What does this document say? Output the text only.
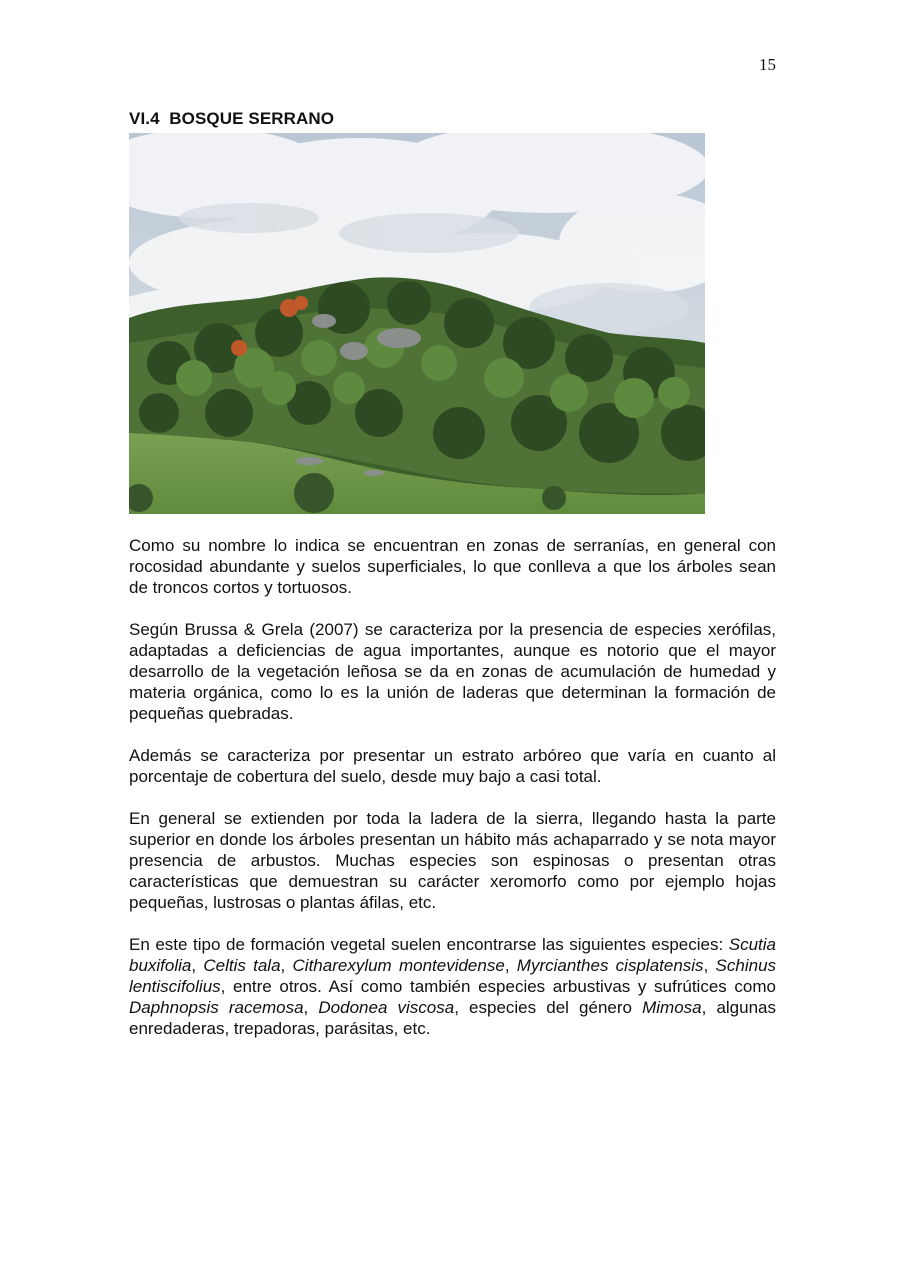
15
VI.4  BOSQUE SERRANO

Como su nombre lo indica se encuentran en zonas de serranías, en general con rocosidad abundante y suelos superficiales, lo que conlleva a que los árboles sean de troncos cortos y tortuosos.

Según Brussa & Grela (2007) se caracteriza por la presencia de especies xerófilas, adaptadas a deficiencias de agua importantes, aunque es notorio que el mayor desarrollo de la vegetación leñosa se da en zonas de acumulación de humedad y materia orgánica, como lo es la unión de laderas que determinan la formación de pequeñas quebradas.

Además se caracteriza por presentar un estrato arbóreo que varía en cuanto al porcentaje de cobertura del suelo, desde muy bajo a casi total.

En general se extienden por toda la ladera de la sierra, llegando hasta la parte superior en donde los árboles presentan un hábito más achaparrado y se nota mayor presencia de arbustos. Muchas especies son espinosas o presentan otras características que demuestran su carácter xeromorfo como por ejemplo hojas pequeñas, lustrosas o plantas áfilas, etc.

En este tipo de formación vegetal suelen encontrarse las siguientes especies: Scutia buxifolia, Celtis tala, Citharexylum montevidense, Myrcianthes cisplatensis, Schinus lentiscifolius, entre otros. Así como también especies arbustivas y sufrútices como Daphnopsis racemosa, Dodonea viscosa, especies del género Mimosa, algunas enredaderas, trepadoras, parásitas, etc.
